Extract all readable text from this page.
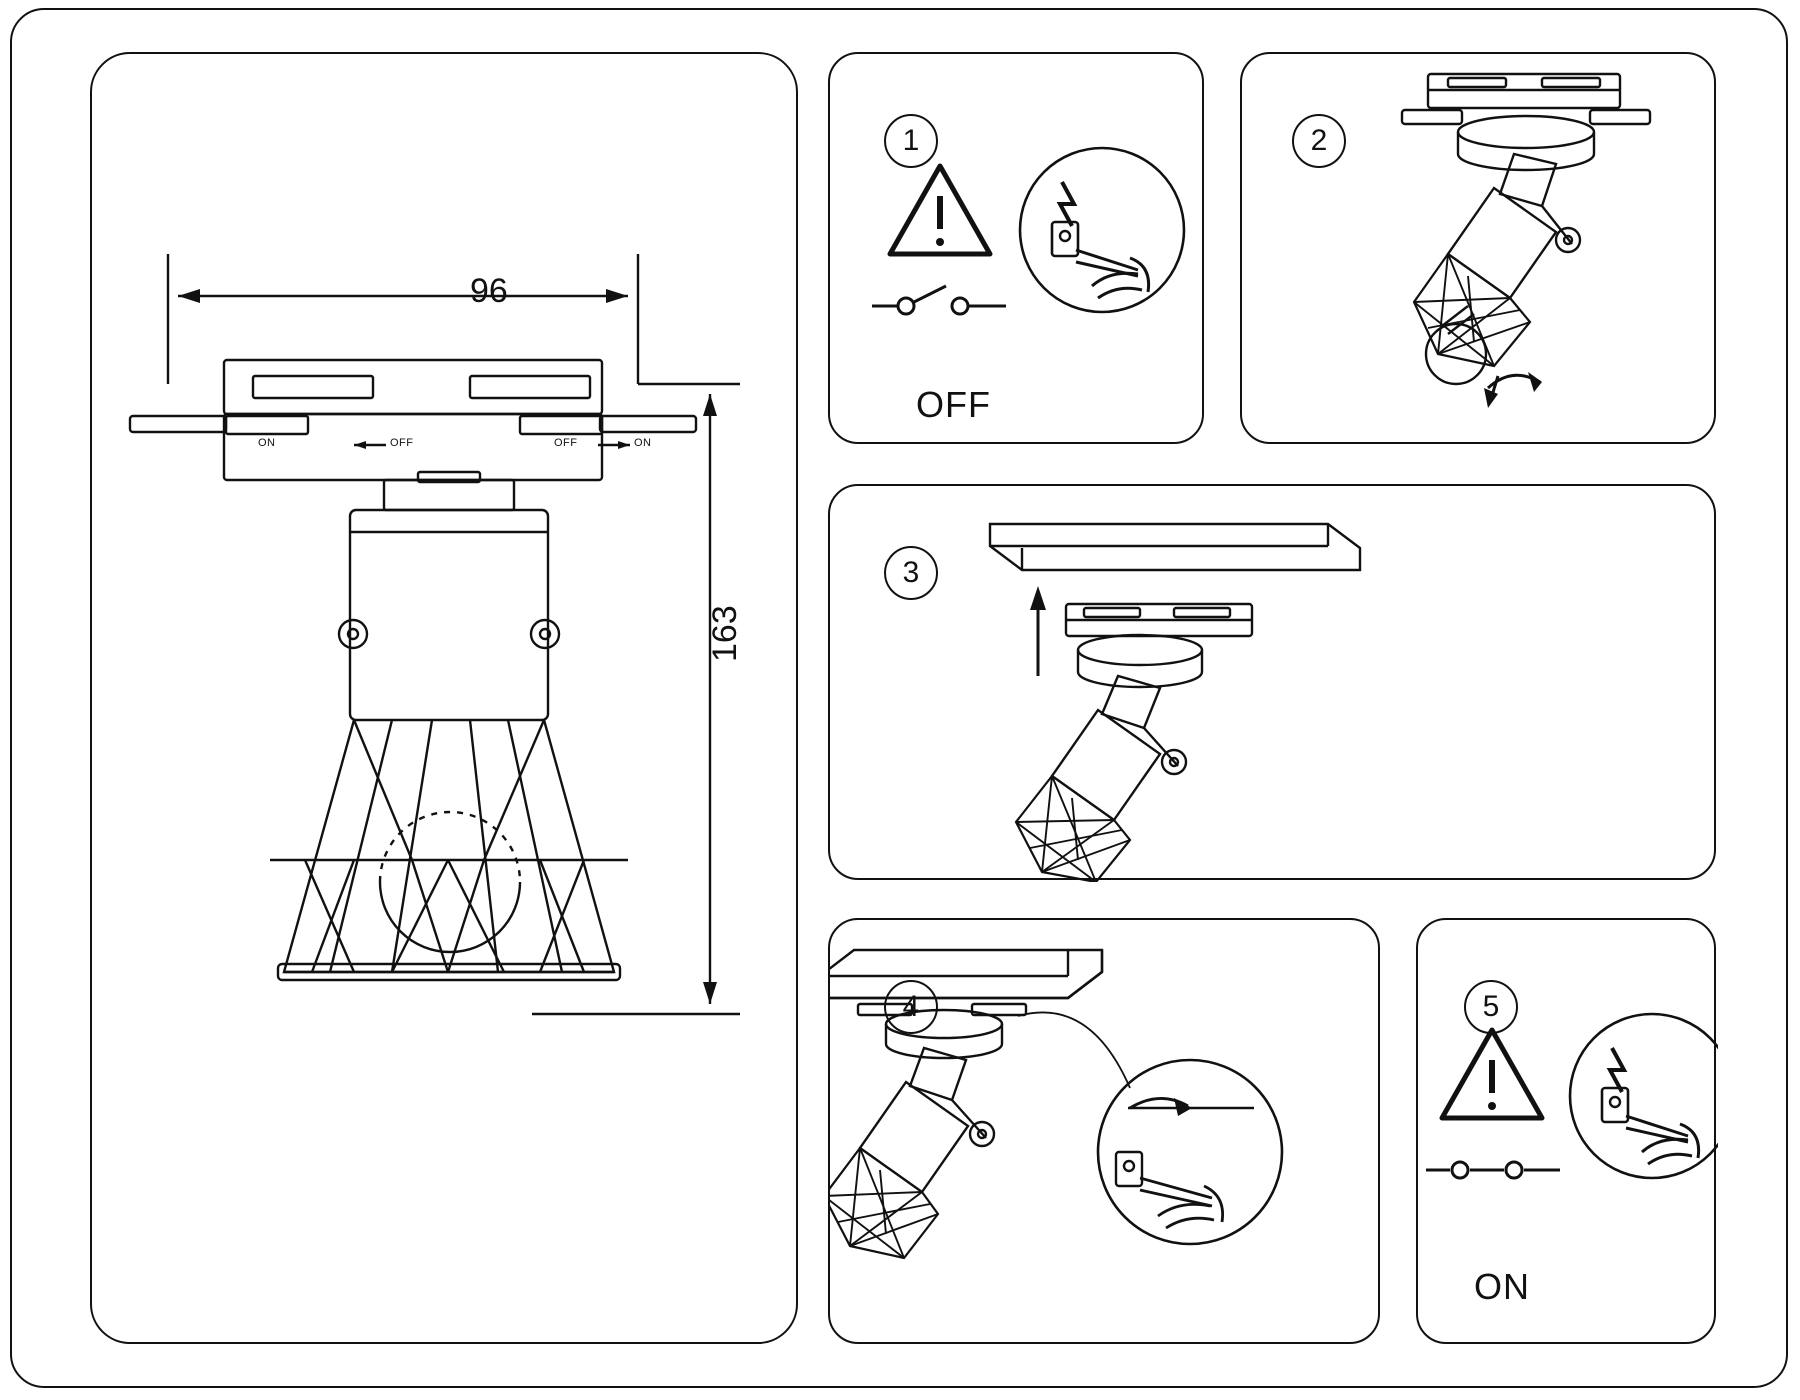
96
163
ON	OFF	OFF	ON
1
OFF
2
3
4	5
ON
